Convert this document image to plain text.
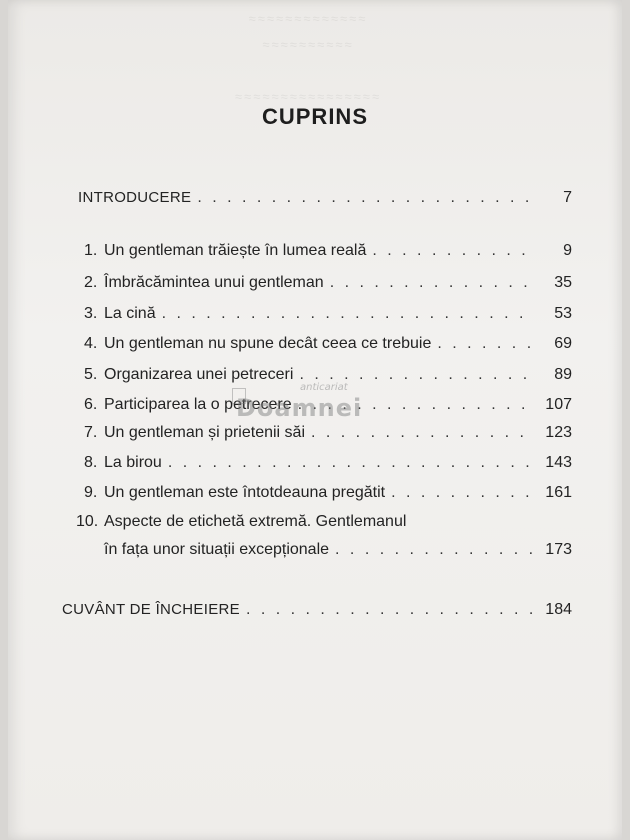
≈≈≈≈≈≈≈≈≈≈≈≈≈
≈≈≈≈≈≈≈≈≈≈

≈≈≈≈≈≈≈≈≈≈≈≈≈≈≈≈
CUPRINS
INTRODUCERE . . .	7
1. Un gentleman trăiește în lumea reală . . .	9
2. Îmbrăcămintea unui gentleman . . .	35
3. La cină . . .	53
4. Un gentleman nu spune decât ceea ce trebuie . . .	69
5. Organizarea unei petreceri . . .	89
6. Participarea la o petrecere . . .	107
7. Un gentleman și prietenii săi . . .	123
8. La birou . . .	143
9. Un gentleman este întotdeauna pregătit . . .	161
10. Aspecte de etichetă extremă. Gentlemanul
în fața unor situații excepționale . . .	173
CUVÂNT DE ÎNCHEIERE . . .	184
anticariat
Doamnei
